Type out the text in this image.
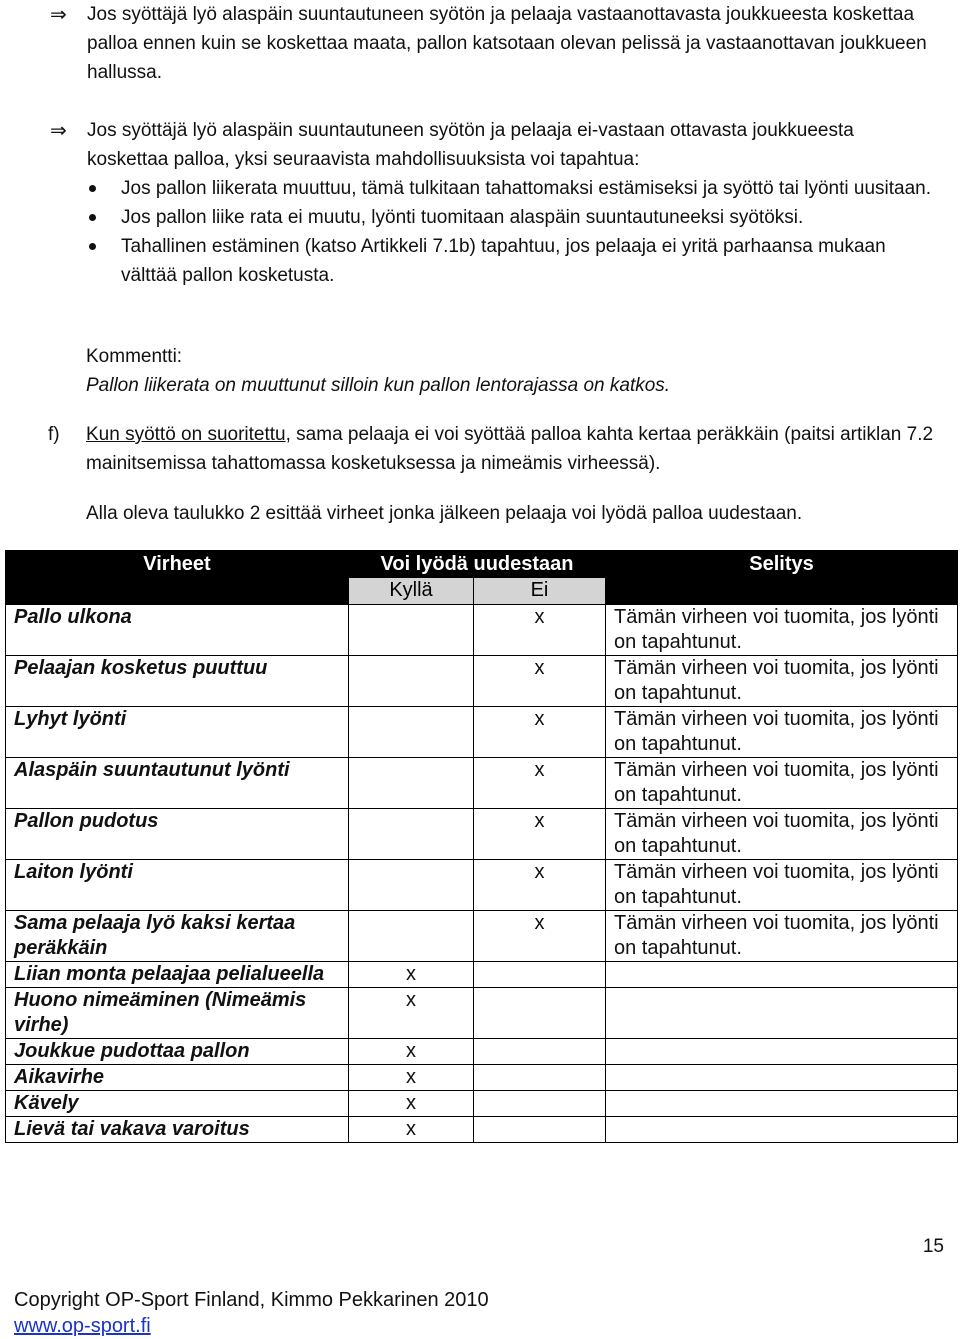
⇒ Jos syöttäjä lyö alaspäin suuntautuneen syötön ja pelaaja vastaanottavasta joukkueesta koskettaa palloa ennen kuin se koskettaa maata, pallon katsotaan olevan pelissä ja vastaanottavan joukkueen hallussa.
⇒ Jos syöttäjä lyö alaspäin suuntautuneen syötön ja pelaaja ei-vastaan ottavasta joukkueesta koskettaa palloa, yksi seuraavista mahdollisuuksista voi tapahtua:
Jos pallon liikerata muuttuu, tämä tulkitaan tahattomaksi estämiseksi ja syöttö tai lyönti uusitaan.
Jos pallon liike rata ei muutu, lyönti tuomitaan alaspäin suuntautuneeksi syötöksi.
Tahallinen estäminen (katso Artikkeli 7.1b) tapahtuu, jos pelaaja ei yritä parhaansa mukaan välttää pallon kosketusta.
Kommentti:
Pallon liikerata on muuttunut silloin kun pallon lentorajassa on katkos.
f) Kun syöttö on suoritettu, sama pelaaja ei voi syöttää palloa kahta kertaa peräkkäin (paitsi artiklan 7.2 mainitsemissa tahattomassa kosketuksessa ja nimeämis virheessä).
Alla oleva taulukko 2 esittää virheet jonka jälkeen pelaaja voi lyödä palloa uudestaan.
Virheet	Voi lyödä uudestaan		Selitys
	Kyllä	Ei	
Pallo ulkona		x	Tämän virheen voi tuomita, jos lyönti on tapahtunut.
Pelaajan kosketus puuttuu		x	Tämän virheen voi tuomita, jos lyönti on tapahtunut.
Lyhyt lyönti		x	Tämän virheen voi tuomita, jos lyönti on tapahtunut.
Alaspäin suuntautunut lyönti		x	Tämän virheen voi tuomita, jos lyönti on tapahtunut.
Pallon pudotus		x	Tämän virheen voi tuomita, jos lyönti on tapahtunut.
Laiton lyönti		x	Tämän virheen voi tuomita, jos lyönti on tapahtunut.
Sama pelaaja lyö kaksi kertaa peräkkäin		x	Tämän virheen voi tuomita, jos lyönti on tapahtunut.
Liian monta pelaajaa pelialueella	x		
Huono nimeäminen (Nimeämis virhe)	x		
Joukkue pudottaa pallon	x		
Aikavirhe	x		
Kävely	x		
Lievä tai vakava varoitus	x		
15
Copyright OP-Sport Finland, Kimmo Pekkarinen 2010
www.op-sport.fi
